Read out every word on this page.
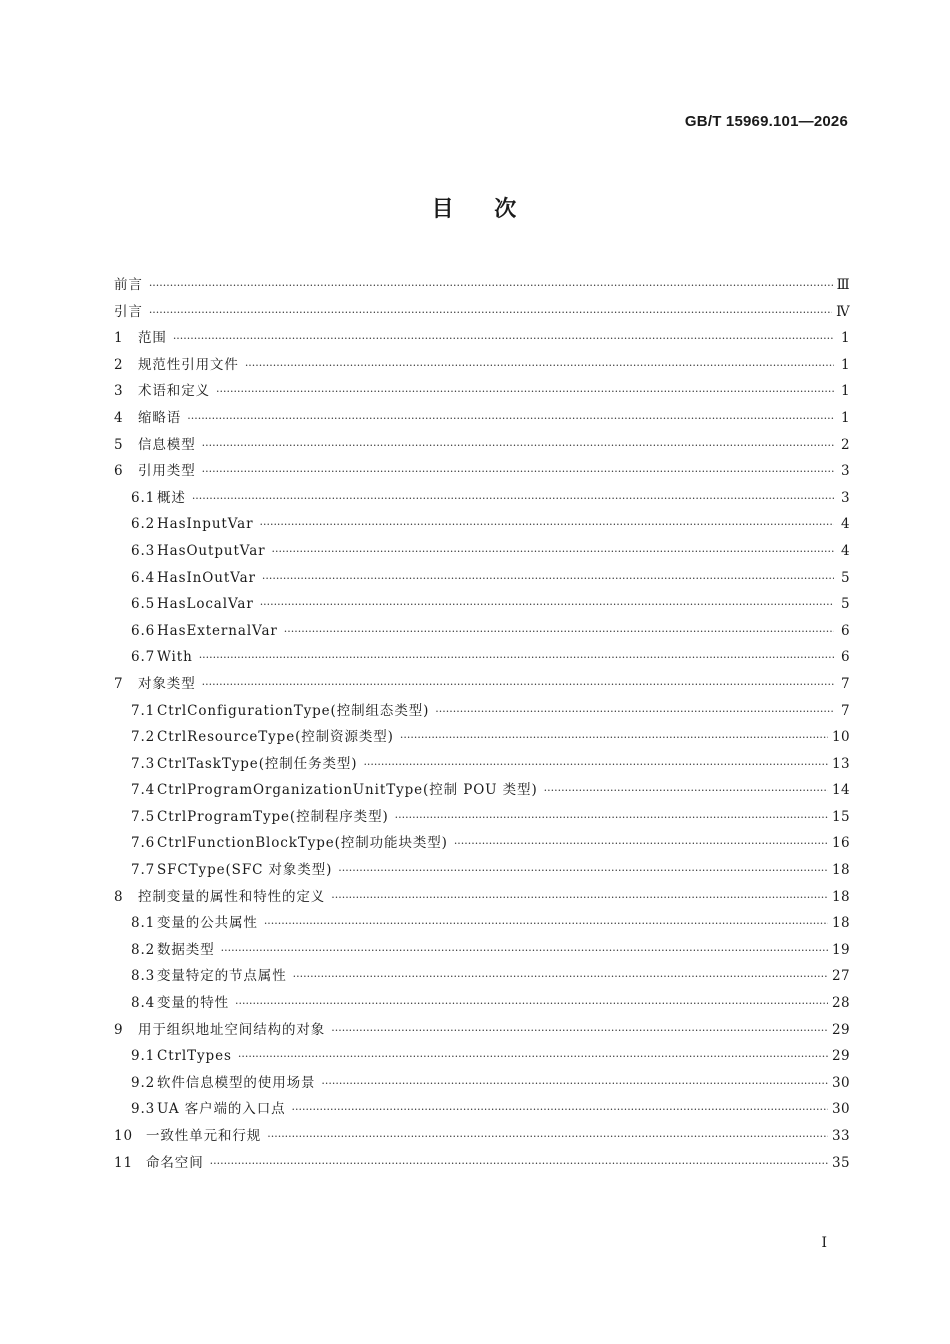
GB/T 15969.101—2026
目    次
前言 ·····	Ⅲ
引言 ·····	Ⅳ
1	范围 ·····	1
2	规范性引用文件 ·····	1
3	术语和定义 ·····	1
4	缩略语 ·····	1
5	信息模型 ·····	2
6	引用类型 ·····	3
6.1 概述 ·····	3
6.2 HasInputVar ·····	4
6.3 HasOutputVar ·····	4
6.4 HasInOutVar ·····	5
6.5 HasLocalVar ·····	5
6.6 HasExternalVar ·····	6
6.7 With ·····	6
7	对象类型 ·····	7
7.1 CtrlConfigurationType(控制组态类型) ·····	7
7.2 CtrlResourceType(控制资源类型) ·····	10
7.3 CtrlTaskType(控制任务类型) ·····	13
7.4 CtrlProgramOrganizationUnitType(控制 POU 类型) ·····	14
7.5 CtrlProgramType(控制程序类型) ·····	15
7.6 CtrlFunctionBlockType(控制功能块类型) ·····	16
7.7 SFCType(SFC 对象类型) ·····	18
8	控制变量的属性和特性的定义 ·····	18
8.1 变量的公共属性 ·····	18
8.2 数据类型 ·····	19
8.3 变量特定的节点属性 ·····	27
8.4 变量的特性 ·····	28
9	用于组织地址空间结构的对象 ·····	29
9.1 CtrlTypes ·····	29
9.2 软件信息模型的使用场景 ·····	30
9.3 UA 客户端的入口点 ·····	30
10 一致性单元和行规 ·····	33
11 命名空间 ·····	35
I
